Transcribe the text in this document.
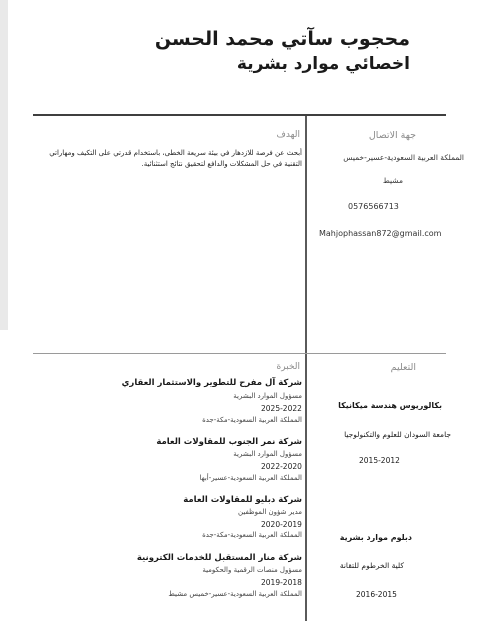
محجوب سآتي محمد الحسن
اخصائي موارد بشرية
جهة الاتصال
المملكة العربية السعودية-عسير-خميس
مشيط
0576566713
Mahjophassan872@gmail.com
الهدف
أبحث عن فرصة للازدهار في بيئة سريعة الخطى، باستخدام قدرتي على التكيف ومهاراتي التقنية في حل المشكلات والدافع لتحقيق نتائج استثنائية.
التعليم
بكالوريوس هندسة ميكانيكا
جامعة السودان للعلوم والتكنولوجيا
2015-2012
دبلوم موارد بشرية
كلية الخرطوم للتقانة
2016-2015
الخبرة
شركة آل مفرح للتطوير والاستثمار العقاري
مسؤول الموارد البشرية
2025-2022
المملكة العربية السعودية-مكة-جدة
شركة نمر الجنوب للمقاولات العامة
مسؤول الموارد البشرية
2022-2020
المملكة العربية السعودية-عسير-أبها
شركة دبليو للمقاولات العامة
مدير شؤون الموظفين
2020-2019
المملكة العربية السعودية-مكة-جدة
شركة منار المستقبل للخدمات الكترونية
مسؤول منصات الرقمية والحكومية
2019-2018
المملكة العربية السعودية-عسير-خميس مشيط
